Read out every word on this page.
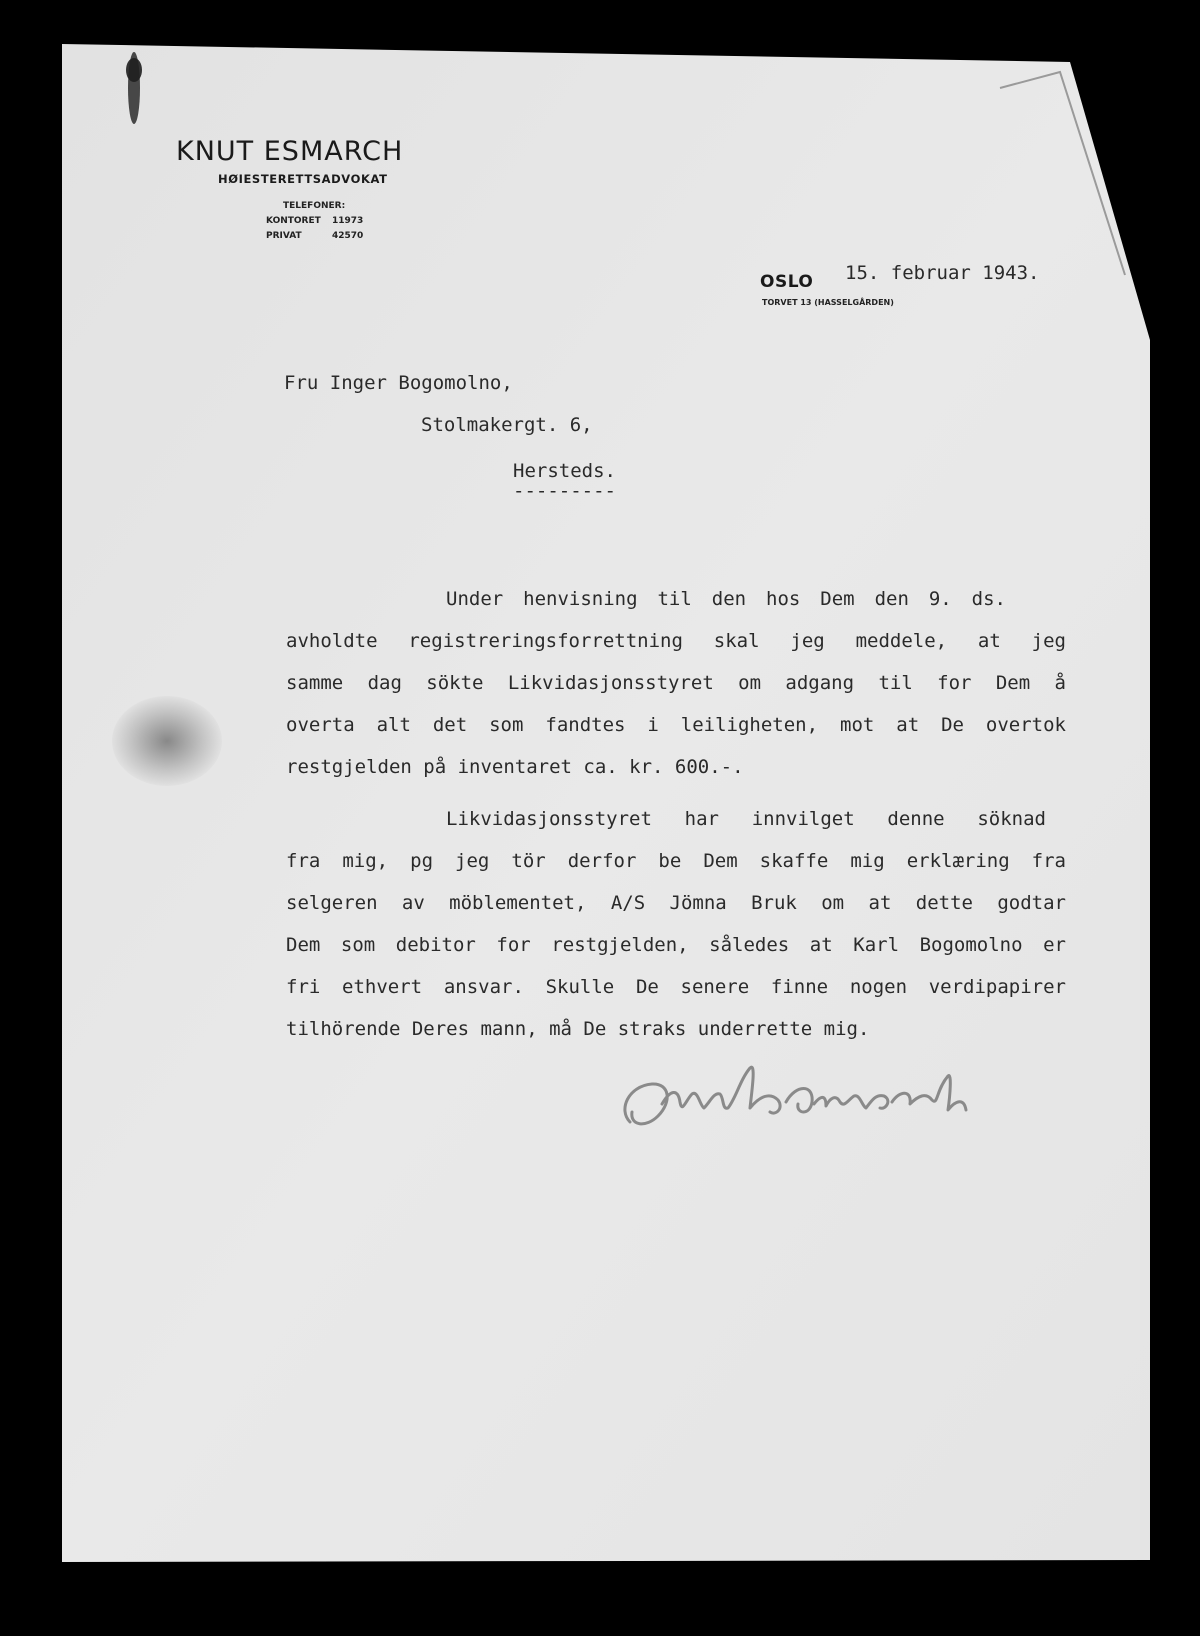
KNUT ESMARCH
HØIESTERETTSADVOKAT
TELEFONER:
KONTORET 11973
PRIVAT	42570
OSLO
TORVET 13 (HASSELGÅRDEN)
15. februar 1943.
Fru Inger Bogomolno,
Stolmakergt. 6,
Hersteds.
---------
Under henvisning til den hos Dem den 9. ds.
avholdte registreringsforrettning skal jeg meddele, at jeg
samme dag sökte Likvidasjonsstyret om adgang til for Dem å
overta alt det som fandtes i leiligheten, mot at De overtok
restgjelden på inventaret ca. kr. 600.-.
Likvidasjonsstyret har innvilget denne söknad
fra mig, pg jeg tör derfor be Dem skaffe mig erklæring fra
selgeren av möblementet, A/S Jömna Bruk om at dette godtar
Dem som debitor for restgjelden, således at Karl Bogomolno er
fri ethvert ansvar. Skulle De senere finne nogen verdipapirer
tilhörende Deres mann, må De straks underrette mig.
